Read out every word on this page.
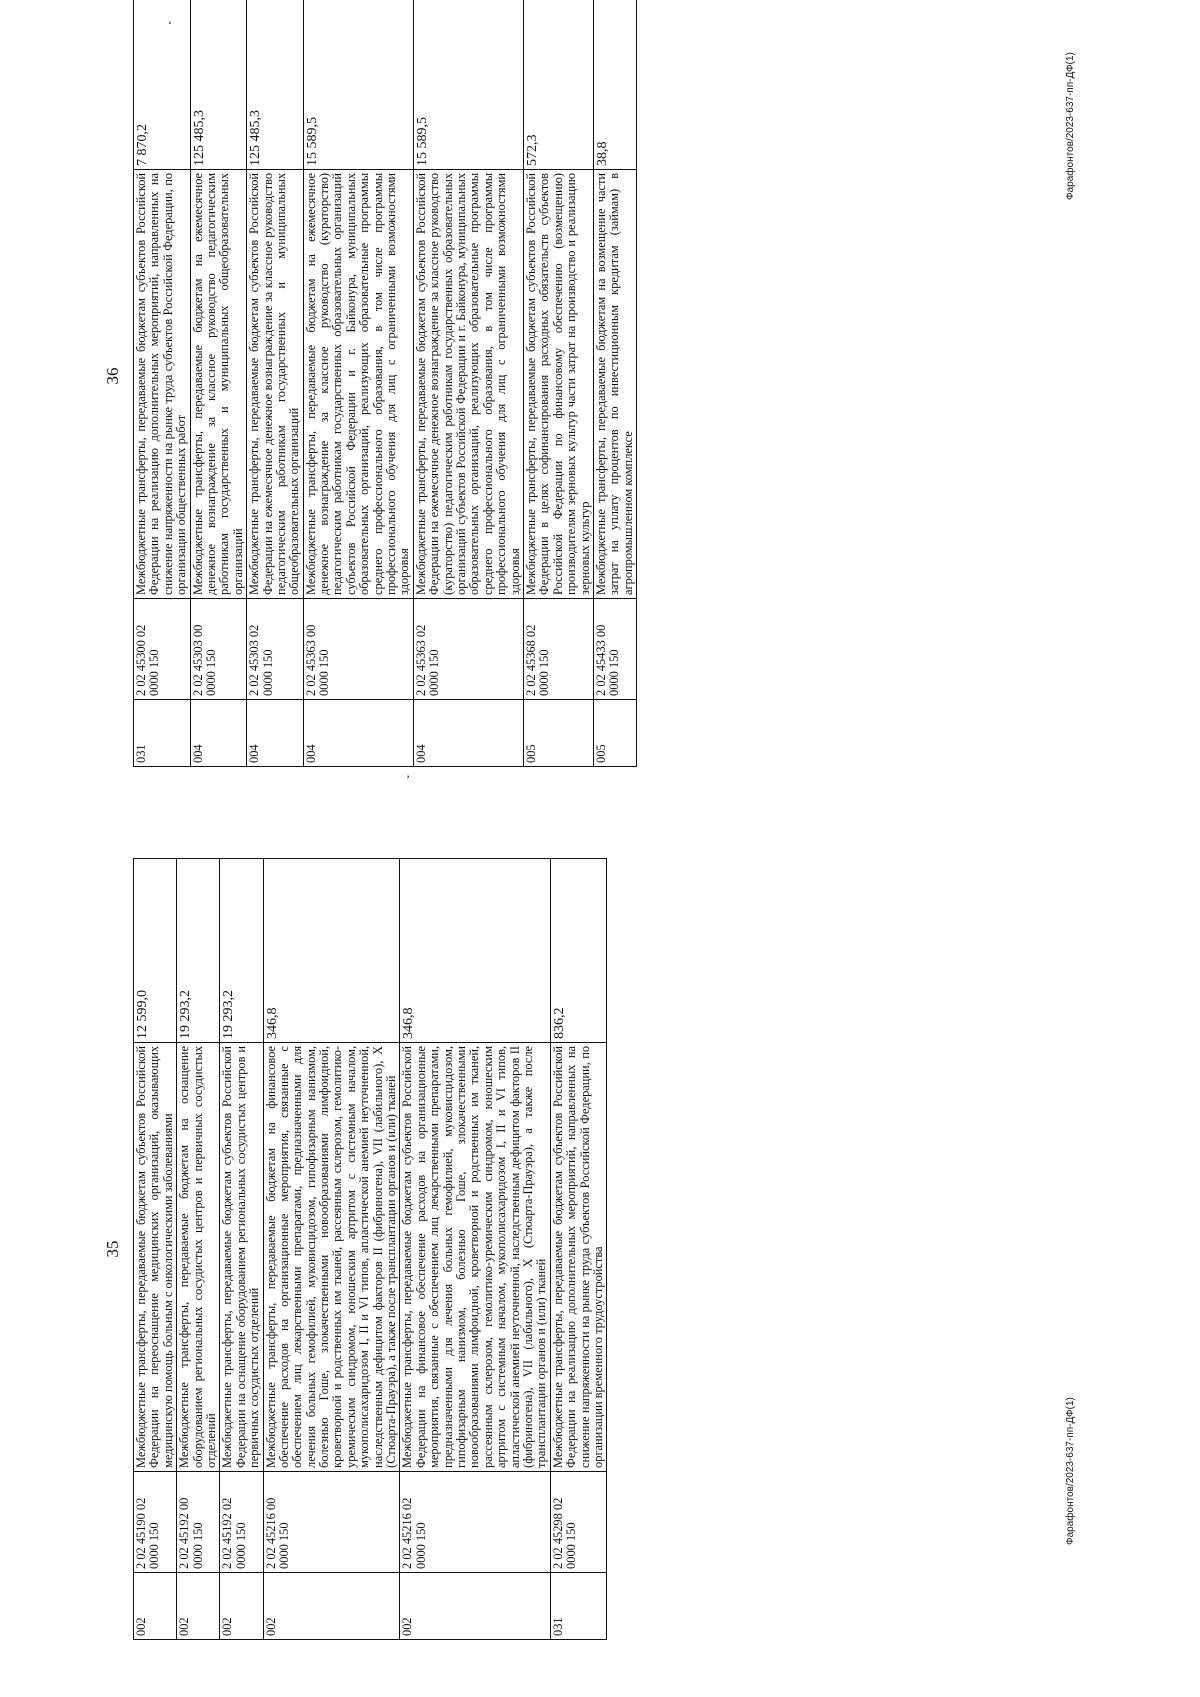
35
002	2 02 45190 02 0000 150	Межбюджетные трансферты, передаваемые бюджетам субъектов Российской Федерации на переоснащение медицинских организаций, оказывающих медицинскую помощь больным с онкологическими заболеваниями	12 599,0
002	2 02 45192 00 0000 150	Межбюджетные трансферты, передаваемые бюджетам на оснащение оборудованием региональных сосудистых центров и первичных сосудистых отделений	19 293,2
002	2 02 45192 02 0000 150	Межбюджетные трансферты, передаваемые бюджетам субъектов Российской Федерации на оснащение оборудованием региональных сосудистых центров и первичных сосудистых отделений	19 293,2
002	2 02 45216 00 0000 150	Межбюджетные трансферты, передаваемые бюджетам на финансовое обеспечение расходов на организационные мероприятия, связанные с обеспечением лиц лекарственными препаратами, предназначенными для лечения больных гемофилией, муковисцидозом, гипофизарным нанизмом, болезнью Гоше, злокачественными новообразованиями лимфоидной, кроветворной и родственных им тканей, рассеянным склерозом, гемолитико-уремическим синдромом, юношеским артритом с системным началом, мукополисахаридозом I, II и VI типов, апластической анемией неуточненной, наследственным дефицитом факторов II (фибриногена), VII (лабильного), X (Стюарта-Прауэра), а также после трансплантации органов и (или) тканей	346,8
002	2 02 45216 02 0000 150	Межбюджетные трансферты, передаваемые бюджетам субъектов Российской Федерации на финансовое обеспечение расходов на организационные мероприятия, связанные с обеспечением лиц лекарственными препаратами, предназначенными для лечения больных гемофилией, муковисцидозом, гипофизарным нанизмом, болезнью Гоше, злокачественными новообразованиями лимфоидной, кроветворной и родственных им тканей, рассеянным склерозом, гемолитико-уремическим синдромом, юношеским артритом с системным началом, мукополисахаридозом I, II и VI типов, апластической анемией неуточненной, наследственным дефицитом факторов II (фибриногена), VII (лабильного), X (Стюарта-Прауэра), а также после трансплантации органов и (или) тканей	346,8
031	2 02 45298 02 0000 150	Межбюджетные трансферты, передаваемые бюджетам субъектов Российской Федерации на реализацию дополнительных мероприятий, направленных на снижение напряженности на рынке труда субъектов Российской Федерации, по организации временного трудоустройства	836,2
36
031	2 02 45300 02 0000 150	Межбюджетные трансферты, передаваемые бюджетам субъектов Российской Федерации на реализацию дополнительных мероприятий, направленных на снижение напряженности на рынке труда субъектов Российской Федерации, по организации общественных работ	7 870,2
004	2 02 45303 00 0000 150	Межбюджетные трансферты, передаваемые бюджетам на ежемесячное денежное вознаграждение за классное руководство педагогическим работникам государственных и муниципальных общеобразовательных организаций	125 485,3
004	2 02 45303 02 0000 150	Межбюджетные трансферты, передаваемые бюджетам субъектов Российской Федерации на ежемесячное денежное вознаграждение за классное руководство педагогическим работникам государственных и муниципальных общеобразовательных организаций	125 485,3
004	2 02 45363 00 0000 150	Межбюджетные трансферты, передаваемые бюджетам на ежемесячное денежное вознаграждение за классное руководство (кураторство) педагогическим работникам государственных образовательных организаций субъектов Российской Федерации и г. Байконура, муниципальных образовательных организаций, реализующих образовательные программы среднего профессионального образования, в том числе программы профессионального обучения для лиц с ограниченными возможностями здоровья	15 589,5
004	2 02 45363 02 0000 150	Межбюджетные трансферты, передаваемые бюджетам субъектов Российской Федерации на ежемесячное денежное вознаграждение за классное руководство (кураторство) педагогическим работникам государственных образовательных организаций субъектов Российской Федерации и г. Байконура, муниципальных образовательных организаций, реализующих образовательные программы среднего профессионального образования, в том числе программы профессионального обучения для лиц с ограниченными возможностями здоровья	15 589,5
005	2 02 45368 02 0000 150	Межбюджетные трансферты, передаваемые бюджетам субъектов Российской Федерации в целях софинансирования расходных обязательств субъектов Российской Федерации по финансовому обеспечению (возмещению) производителям зерновых культур части затрат на производство и реализацию зерновых культур	572,3
005	2 02 45433 00 0000 150	Межбюджетные трансферты, передаваемые бюджетам на возмещение части затрат на уплату процентов по инвестиционным кредитам (займам) в агропромышленном комплексе	38,8
Фарафонтов/2023-637-пп-ДФ(1)
Фарафонтов/2023-637-пп-ДФ(1)
‘
’
